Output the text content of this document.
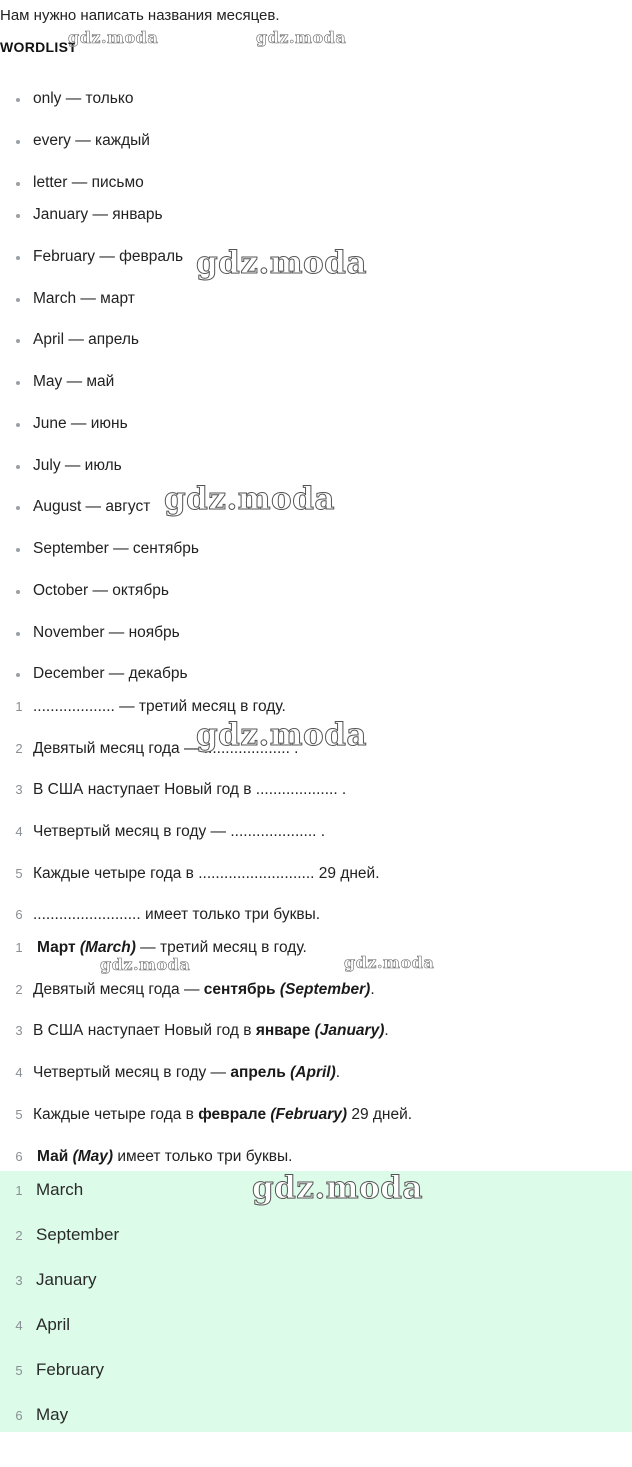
Нам нужно написать названия месяцев.
WORDLIST
only — только
every — каждый
letter — письмо
January — январь
February — февраль
March — март
April — апрель
May — май
June — июнь
July — июль
August — август
September — сентябрь
October — октябрь
November — ноябрь
December — декабрь
1 ................... — третий месяц в году.
2 Девятый месяц года — .................... .
3 В США наступает Новый год в ................... .
4 Четвертый месяц в году — .................... .
5 Каждые четыре года в ........................... 29 дней.
6 ......................... имеет только три буквы.
1 Март (March) — третий месяц в году.
2 Девятый месяц года — сентябрь (September).
3 В США наступает Новый год в январе (January).
4 Четвертый месяц в году — апрель (April).
5 Каждые четыре года в феврале (February) 29 дней.
6 Май (May) имеет только три буквы.
1 March
2 September
3 January
4 April
5 February
6 May
gdz.moda	gdz.moda
gdz.moda
gdz.moda
gdz.moda
gdz.moda	gdz.moda
gdz.moda
